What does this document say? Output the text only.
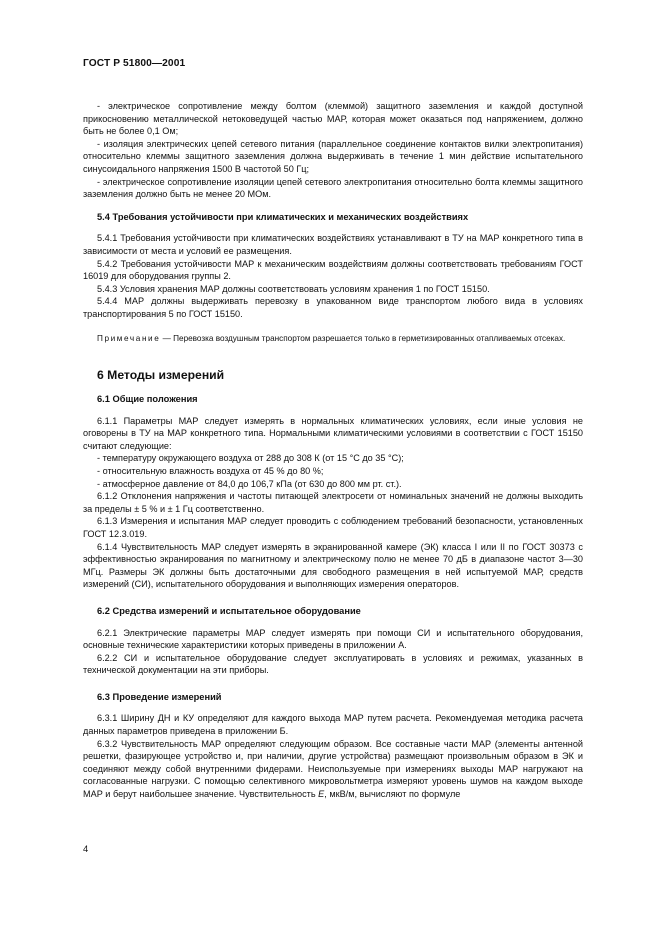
ГОСТ Р 51800—2001

- электрическое сопротивление между болтом (клеммой) защитного заземления и каждой доступной прикосновению металлической нетоковедущей частью МАР, которая может оказаться под напряжением, должно быть не более 0,1 Ом;

- изоляция электрических цепей сетевого питания (параллельное соединение контактов вилки электропитания) относительно клеммы защитного заземления должна выдерживать в течение 1 мин действие испытательного синусоидального напряжения 1500 В частотой 50 Гц;

- электрическое сопротивление изоляции цепей сетевого электропитания относительно болта клеммы защитного заземления должно быть не менее 20 МОм.

5.4 Требования устойчивости при климатических и механических воздействиях

5.4.1 Требования устойчивости при климатических воздействиях устанавливают в ТУ на МАР конкретного типа в зависимости от места и условий ее размещения.

5.4.2 Требования устойчивости МАР к механическим воздействиям должны соответствовать требованиям ГОСТ 16019 для оборудования группы 2.

5.4.3 Условия хранения МАР должны соответствовать условиям хранения 1 по ГОСТ 15150.

5.4.4 МАР должны выдерживать перевозку в упакованном виде транспортом любого вида в условиях транспортирования 5 по ГОСТ 15150.

Примечание — Перевозка воздушным транспортом разрешается только в герметизированных отапливаемых отсеках.

6 Методы измерений
6.1 Общие положения

6.1.1 Параметры МАР следует измерять в нормальных климатических условиях, если иные условия не оговорены в ТУ на МАР конкретного типа. Нормальными климатическими условиями в соответствии с ГОСТ 15150 считают следующие:

- температуру окружающего воздуха от 288 до 308 К (от 15 °С до 35 °С);

- относительную влажность воздуха от 45 % до 80 %;

- атмосферное давление от 84,0 до 106,7 кПа (от 630 до 800 мм рт. ст.).

6.1.2 Отклонения напряжения и частоты питающей электросети от номинальных значений не должны выходить за пределы ± 5 % и ± 1 Гц соответственно.

6.1.3 Измерения и испытания МАР следует проводить с соблюдением требований безопасности, установленных ГОСТ 12.3.019.

6.1.4 Чувствительность МАР следует измерять в экранированной камере (ЭК) класса I или II по ГОСТ 30373 с эффективностью экранирования по магнитному и электрическому полю не менее 70 дБ в диапазоне частот 3—30 МГц. Размеры ЭК должны быть достаточными для свободного размещения в ней испытуемой МАР, средств измерений (СИ), испытательного оборудования и выполняющих измерения операторов.

6.2 Средства измерений и испытательное оборудование

6.2.1 Электрические параметры МАР следует измерять при помощи СИ и испытательного оборудования, основные технические характеристики которых приведены в приложении А.

6.2.2 СИ и испытательное оборудование следует эксплуатировать в условиях и режимах, указанных в технической документации на эти приборы.

6.3 Проведение измерений

6.3.1 Ширину ДН и КУ определяют для каждого выхода МАР путем расчета. Рекомендуемая методика расчета данных параметров приведена в приложении Б.

6.3.2 Чувствительность МАР определяют следующим образом. Все составные части МАР (элементы антенной решетки, фазирующее устройство и, при наличии, другие устройства) размещают произвольным образом в ЭК и соединяют между собой внутренними фидерами. Неиспользуемые при измерениях выходы МАР нагружают на согласованные нагрузки. С помощью селективного микровольтметра измеряют уровень шумов на каждом выходе МАР и берут наибольшее значение. Чувствительность E, мкВ/м, вычисляют по формуле

4
